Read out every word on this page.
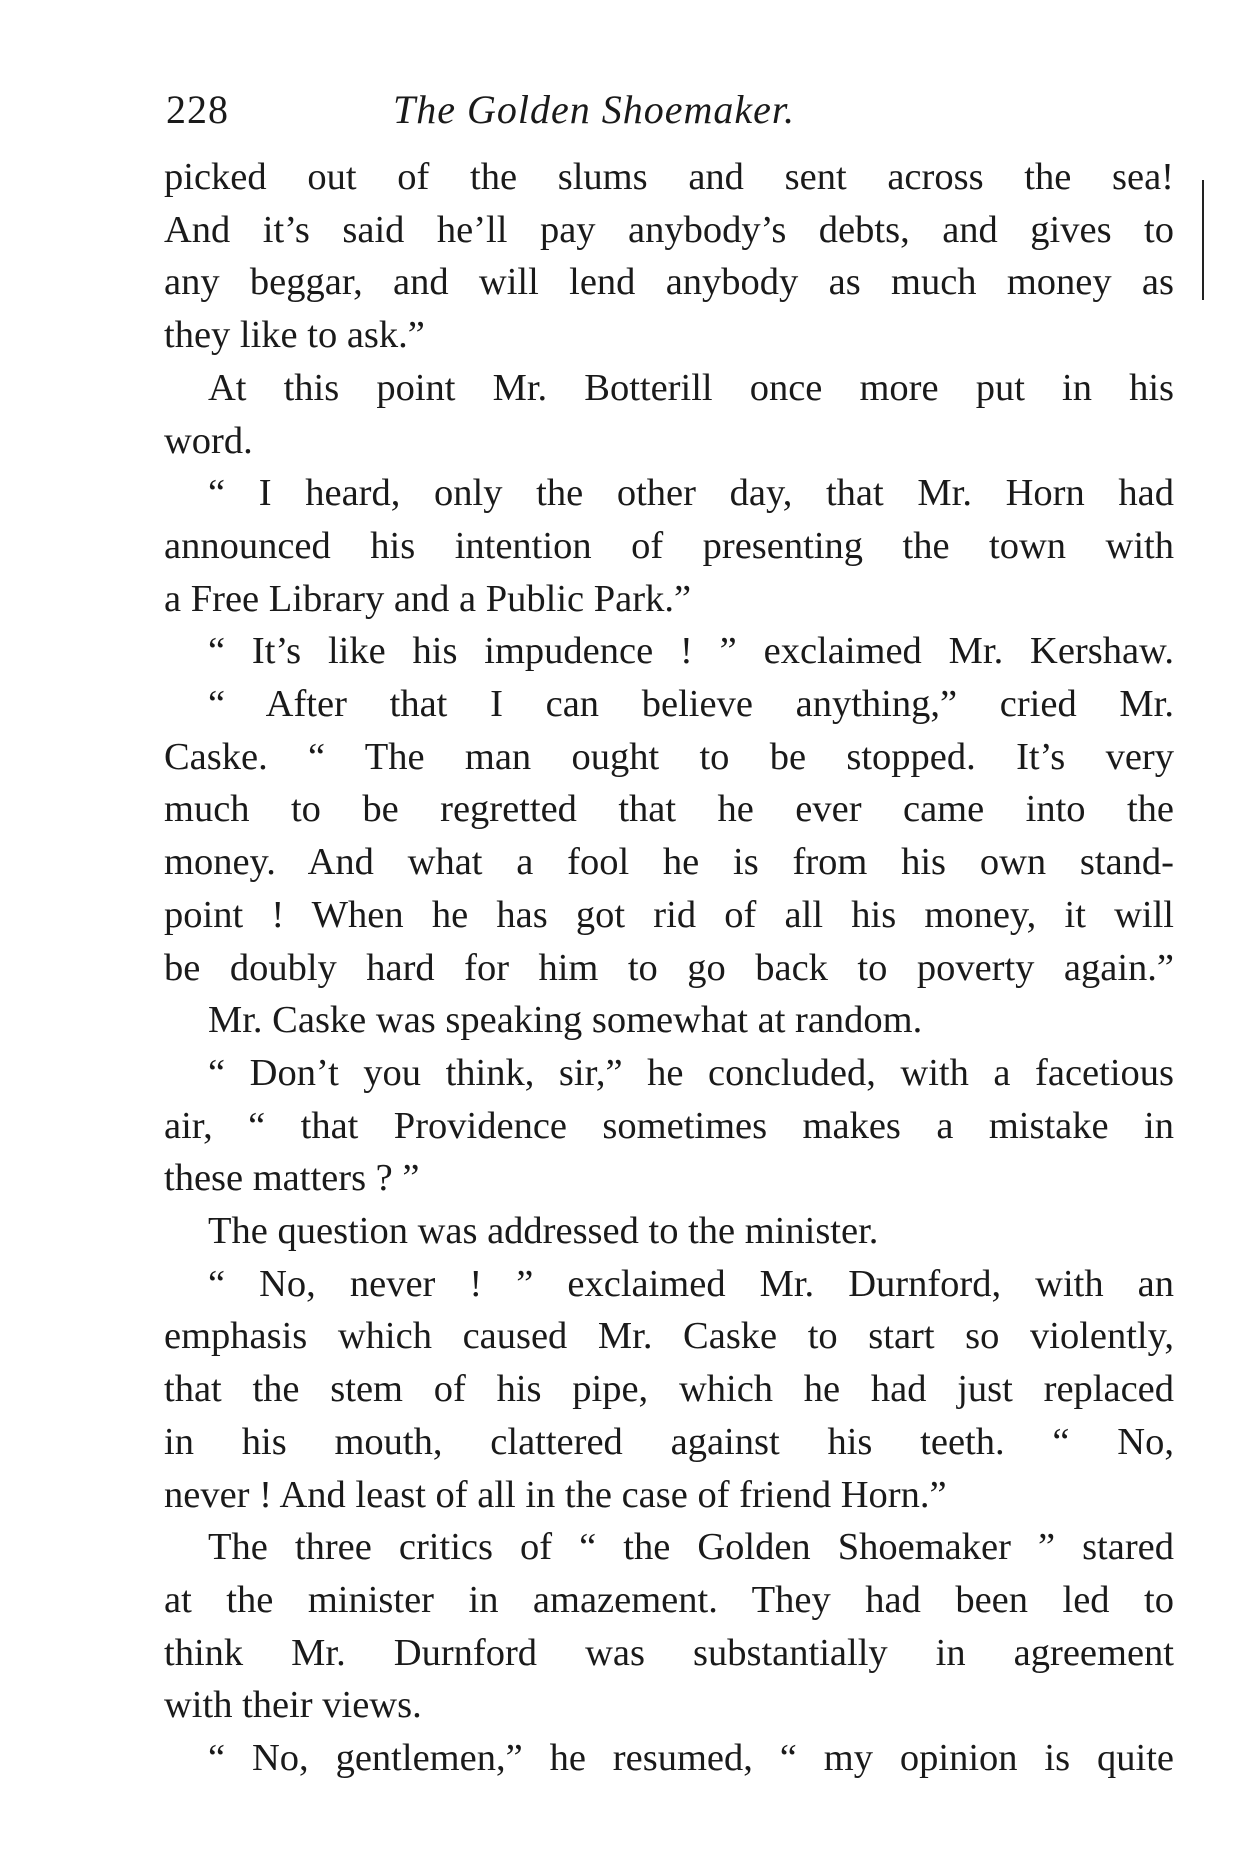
228	The Golden Shoemaker.
picked out of the slums and sent across the sea!
And it’s said he’ll pay anybody’s debts, and gives to
any beggar, and will lend anybody as much money as
they like to ask.”
At this point Mr. Botterill once more put in his
word.
“ I heard, only the other day, that Mr. Horn had
announced his intention of presenting the town with
a Free Library and a Public Park.”
“ It’s like his impudence ! ” exclaimed Mr. Kershaw.
“ After that I can believe anything,” cried Mr.
Caske. “ The man ought to be stopped. It’s very
much to be regretted that he ever came into the
money. And what a fool he is from his own stand-
point ! When he has got rid of all his money, it will
be doubly hard for him to go back to poverty again.”
Mr. Caske was speaking somewhat at random.
“ Don’t you think, sir,” he concluded, with a facetious
air, “ that Providence sometimes makes a mistake in
these matters ? ”
The question was addressed to the minister.
“ No, never ! ” exclaimed Mr. Durnford, with an
emphasis which caused Mr. Caske to start so violently,
that the stem of his pipe, which he had just replaced
in his mouth, clattered against his teeth. “ No,
never ! And least of all in the case of friend Horn.”
The three critics of “ the Golden Shoemaker ” stared
at the minister in amazement. They had been led to
think Mr. Durnford was substantially in agreement
with their views.
“ No, gentlemen,” he resumed, “ my opinion is quite
